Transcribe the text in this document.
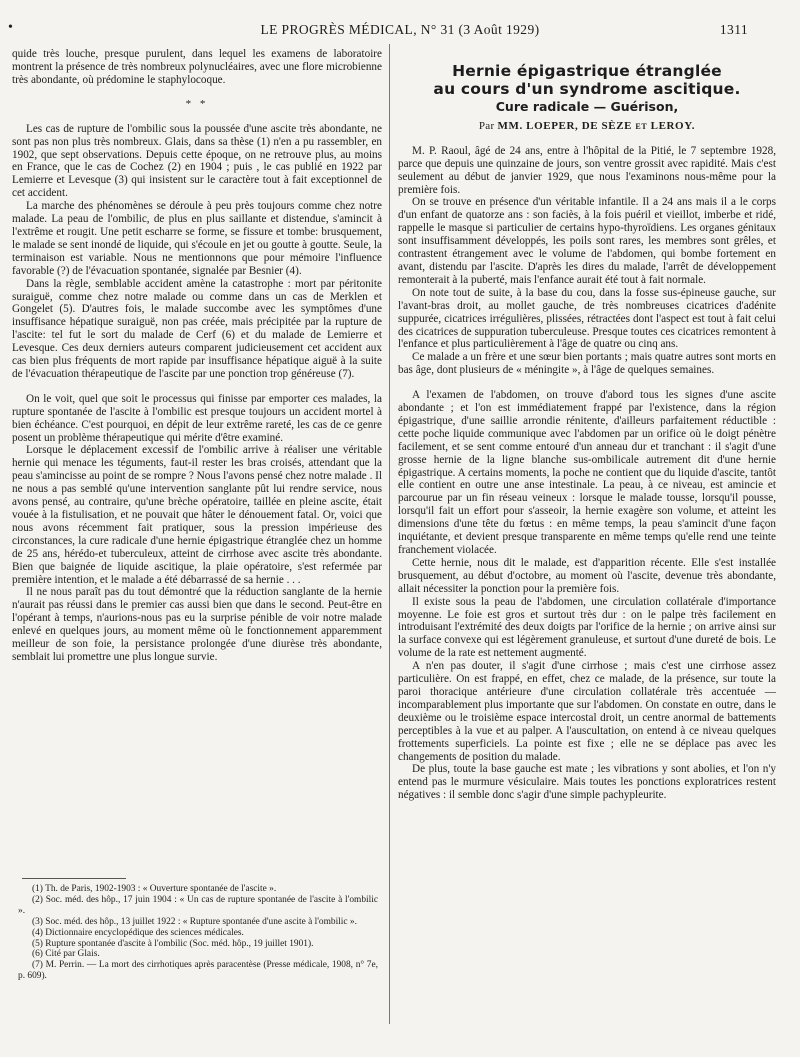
•	LE PROGRÈS MÉDICAL, N° 31 (3 Août 1929)	1311

quide très louche, presque purulent, dans lequel les examens de laboratoire montrent la présence de très nombreux polynucléaires, avec une flore microbienne très abondante, où prédomine le staphylocoque.

* *

Les cas de rupture de l'ombilic sous la poussée d'une ascite très abondante, ne sont pas non plus très nombreux. Glais, dans sa thèse (1) n'en a pu rassembler, en 1902, que sept observations. Depuis cette époque, on ne retrouve plus, au moins en France, que le cas de Cochez (2) en 1904 ; puis , le cas publié en 1922 par Lemierre et Levesque (3) qui insistent sur le caractère tout à fait exceptionnel de cet accident.

La marche des phénomènes se déroule à peu près toujours comme chez notre malade. La peau de l'ombilic, de plus en plus saillante et distendue, s'amincit à l'extrême et rougit. Une petit escharre se forme, se fissure et tombe: brusquement, le malade se sent inondé de liquide, qui s'écoule en jet ou goutte à goutte. Seule, la terminaison est variable. Nous ne mentionnons que pour mémoire l'influence favorable (?) de l'évacuation spontanée, signalée par Besnier (4).

Dans la règle, semblable accident amène la catastrophe : mort par péritonite suraiguë, comme chez notre malade ou comme dans un cas de Merklen et Gongelet (5). D'autres fois, le malade succombe avec les symptômes d'une insuffisance hépatique suraiguë, non pas créée, mais précipitée par la rupture de l'ascite: tel fut le sort du malade de Cerf (6) et du malade de Lemierre et Levesque. Ces deux derniers auteurs comparent judicieusement cet accident aux cas bien plus fréquents de mort rapide par insuffisance hépatique aiguë à la suite de l'évacuation thérapeutique de l'ascite par une ponction trop généreuse (7).

On le voit, quel que soit le processus qui finisse par emporter ces malades, la rupture spontanée de l'ascite à l'ombilic est presque toujours un accident mortel à bien échéance. C'est pourquoi, en dépit de leur extrême rareté, les cas de ce genre posent un problème thérapeutique qui mérite d'être examiné.

Lorsque le déplacement excessif de l'ombilic arrive à réaliser une véritable hernie qui menace les téguments, faut-il rester les bras croisés, attendant que la peau s'amincisse au point de se rompre ? Nous l'avons pensé chez notre malade . Il ne nous a pas semblé qu'une intervention sanglante pût lui rendre service, nous avons pensé, au contraire, qu'une brèche opératoire, taillée en pleine ascite, était vouée à la fistulisation, et ne pouvait que hâter le dénouement fatal. Or, voici que nous avons récemment fait pratiquer, sous la pression impérieuse des circonstances, la cure radicale d'une hernie épigastrique étranglée chez un homme de 25 ans, hérédo-et tuberculeux, atteint de cirrhose avec ascite très abondante. Bien que baignée de liquide ascitique, la plaie opératoire, s'est refermée par première intention, et le malade a été débarrassé de sa hernie . . .

Il ne nous paraît pas du tout démontré que la réduction sanglante de la hernie n'aurait pas réussi dans le premier cas aussi bien que dans le second. Peut-être en l'opérant à temps, n'aurions-nous pas eu la surprise pénible de voir notre malade enlevé en quelques jours, au moment même où le fonctionnement apparemment meilleur de son foie, la persistance prolongée d'une diurèse très abondante, semblait lui promettre une plus longue survie.

(1) Th. de Paris, 1902-1903 : « Ouverture spontanée de l'ascite ».
(2) Soc. méd. des hôp., 17 juin 1904 : « Un cas de rupture spontanée de l'ascite à l'ombilic ».
(3) Soc. méd. des hôp., 13 juillet 1922 : « Rupture spontanée d'une ascite à l'ombilic ».
(4) Dictionnaire encyclopédique des sciences médicales.
(5) Rupture spontanée d'ascite à l'ombilic (Soc. méd. hôp., 19 juillet 1901).
(6) Cité par Glais.
(7) M. Perrin. — La mort des cirrhotiques après paracentèse (Presse médicale, 1908, n° 7e, p. 609).
Hernie épigastrique étranglée
au cours d'un syndrome ascitique.
Cure radicale — Guérison,
Par MM. LOEPER, DE SÈZE et LEROY.

M. P. Raoul, âgé de 24 ans, entre à l'hôpital de la Pitié, le 7 septembre 1928, parce que depuis une quinzaine de jours, son ventre grossit avec rapidité. Mais c'est seulement au début de janvier 1929, que nous l'examinons nous-même pour la première fois.

On se trouve en présence d'un véritable infantile. Il a 24 ans mais il a le corps d'un enfant de quatorze ans : son faciès, à la fois puéril et vieillot, imberbe et ridé, rappelle le masque si particulier de certains hypo-thyroïdiens. Les organes génitaux sont insuffisamment développés, les poils sont rares, les membres sont grêles, et contrastent étrangement avec le volume de l'abdomen, qui bombe fortement en avant, distendu par l'ascite. D'après les dires du malade, l'arrêt de développement remonterait à la puberté, mais l'enfance aurait été tout à fait normale.

On note tout de suite, à la base du cou, dans la fosse sus-épineuse gauche, sur l'avant-bras droit, au mollet gauche, de très nombreuses cicatrices d'adénite suppurée, cicatrices irrégulières, plissées, rétractées dont l'aspect est tout à fait celui des cicatrices de suppuration tuberculeuse. Presque toutes ces cicatrices remontent à l'enfance et plus particulièrement à l'âge de quatre ou cinq ans.

Ce malade a un frère et une sœur bien portants ; mais quatre autres sont morts en bas âge, dont plusieurs de « méningite », à l'âge de quelques semaines.

A l'examen de l'abdomen, on trouve d'abord tous les signes d'une ascite abondante ; et l'on est immédiatement frappé par l'existence, dans la région épigastrique, d'une saillie arrondie rénitente, d'ailleurs parfaitement réductible : cette poche liquide communique avec l'abdomen par un orifice où le doigt pénètre facilement, et se sent comme entouré d'un anneau dur et tranchant : il s'agit d'une grosse hernie de la ligne blanche sus-ombilicale autrement dit d'une hernie épigastrique. A certains moments, la poche ne contient que du liquide d'ascite, tantôt elle contient en outre une anse intestinale. La peau, à ce niveau, est amincie et parcourue par un fin réseau veineux : lorsque le malade tousse, lorsqu'il pousse, lorsqu'il fait un effort pour s'asseoir, la hernie exagère son volume, et atteint les dimensions d'une tête du fœtus : en même temps, la peau s'amincit d'une façon inquiétante, et devient presque transparente en même temps qu'elle rend une teinte franchement violacée.

Cette hernie, nous dit le malade, est d'apparition récente. Elle s'est installée brusquement, au début d'octobre, au moment où l'ascite, devenue très abondante, allait nécessiter la ponction pour la première fois.

Il existe sous la peau de l'abdomen, une circulation collatérale d'importance moyenne. Le foie est gros et surtout très dur : on le palpe très facilement en introduisant l'extrémité des deux doigts par l'orifice de la hernie ; on arrive ainsi sur la surface convexe qui est légèrement granuleuse, et surtout d'une dureté de bois. Le volume de la rate est nettement augmenté.

A n'en pas douter, il s'agit d'une cirrhose ; mais c'est une cirrhose assez particulière. On est frappé, en effet, chez ce malade, de la présence, sur toute la paroi thoracique antérieure d'une circulation collatérale très accentuée — incomparablement plus importante que sur l'abdomen. On constate en outre, dans le deuxième ou le troisième espace intercostal droit, un centre anormal de battements perceptibles à la vue et au palper. A l'auscultation, on entend à ce niveau quelques frottements superficiels. La pointe est fixe ; elle ne se déplace pas avec les changements de position du malade.

De plus, toute la base gauche est mate ; les vibrations y sont abolies, et l'on n'y entend pas le murmure vésiculaire. Mais toutes les ponctions exploratrices restent négatives : il semble donc s'agir d'une simple pachypleurite.
